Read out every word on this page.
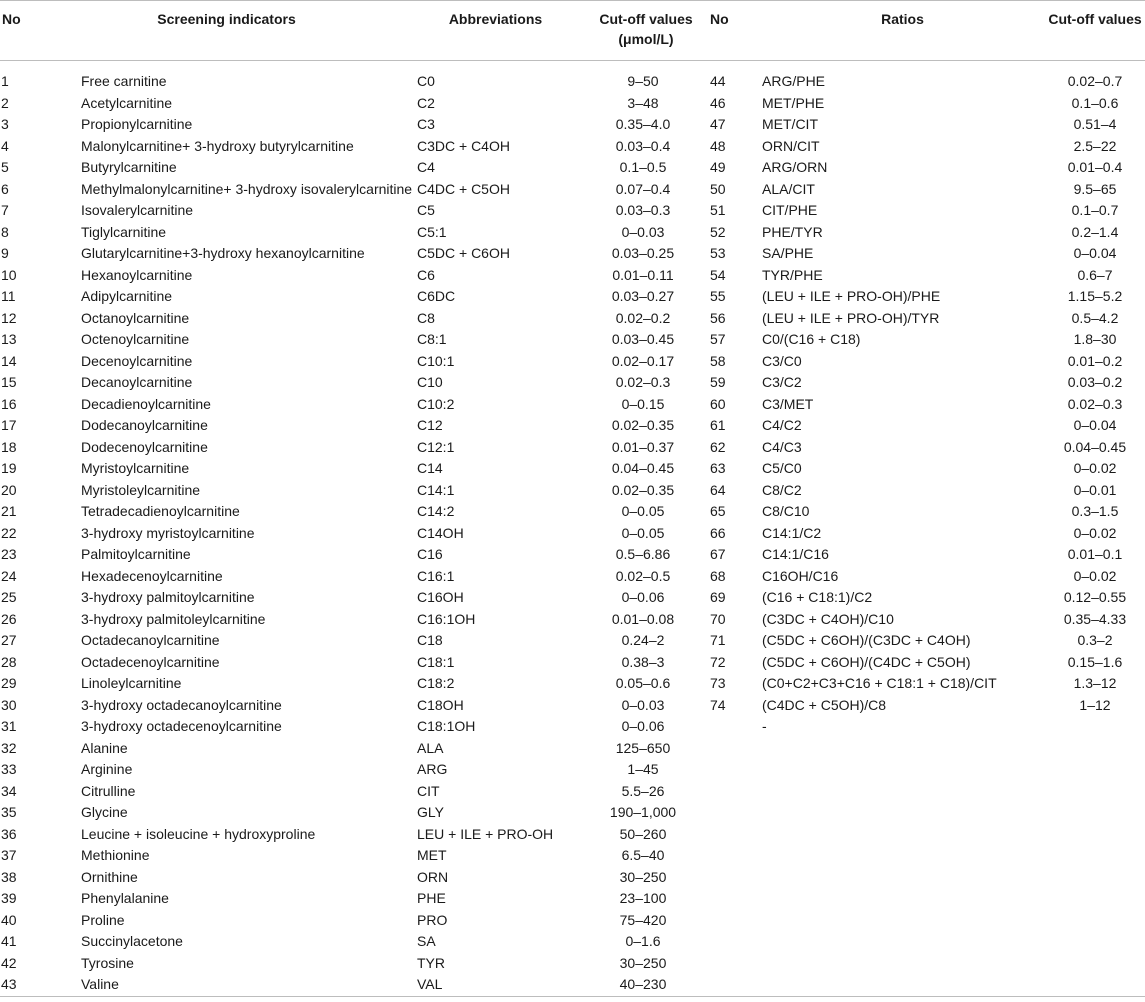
No	Screening indicators	Abbreviations	Cut-off values (μmol/L)	No	Ratios	Cut-off values
1	Free carnitine	C0	9–50	44	ARG/PHE	0.02–0.7
2	Acetylcarnitine	C2	3–48	46	MET/PHE	0.1–0.6
3	Propionylcarnitine	C3	0.35–4.0	47	MET/CIT	0.51–4
4	Malonylcarnitine+ 3-hydroxy butyrylcarnitine	C3DC + C4OH	0.03–0.4	48	ORN/CIT	2.5–22
5	Butyrylcarnitine	C4	0.1–0.5	49	ARG/ORN	0.01–0.4
6	Methylmalonylcarnitine+ 3-hydroxy isovalerylcarnitine	C4DC + C5OH	0.07–0.4	50	ALA/CIT	9.5–65
7	Isovalerylcarnitine	C5	0.03–0.3	51	CIT/PHE	0.1–0.7
8	Tiglylcarnitine	C5:1	0–0.03	52	PHE/TYR	0.2–1.4
9	Glutarylcarnitine+3-hydroxy hexanoylcarnitine	C5DC + C6OH	0.03–0.25	53	SA/PHE	0–0.04
10	Hexanoylcarnitine	C6	0.01–0.11	54	TYR/PHE	0.6–7
11	Adipylcarnitine	C6DC	0.03–0.27	55	(LEU + ILE + PRO-OH)/PHE	1.15–5.2
12	Octanoylcarnitine	C8	0.02–0.2	56	(LEU + ILE + PRO-OH)/TYR	0.5–4.2
13	Octenoylcarnitine	C8:1	0.03–0.45	57	C0/(C16 + C18)	1.8–30
14	Decenoylcarnitine	C10:1	0.02–0.17	58	C3/C0	0.01–0.2
15	Decanoylcarnitine	C10	0.02–0.3	59	C3/C2	0.03–0.2
16	Decadienoylcarnitine	C10:2	0–0.15	60	C3/MET	0.02–0.3
17	Dodecanoylcarnitine	C12	0.02–0.35	61	C4/C2	0–0.04
18	Dodecenoylcarnitine	C12:1	0.01–0.37	62	C4/C3	0.04–0.45
19	Myristoylcarnitine	C14	0.04–0.45	63	C5/C0	0–0.02
20	Myristoleylcarnitine	C14:1	0.02–0.35	64	C8/C2	0–0.01
21	Tetradecadienoylcarnitine	C14:2	0–0.05	65	C8/C10	0.3–1.5
22	3-hydroxy myristoylcarnitine	C14OH	0–0.05	66	C14:1/C2	0–0.02
23	Palmitoylcarnitine	C16	0.5–6.86	67	C14:1/C16	0.01–0.1
24	Hexadecenoylcarnitine	C16:1	0.02–0.5	68	C16OH/C16	0–0.02
25	3-hydroxy palmitoylcarnitine	C16OH	0–0.06	69	(C16 + C18:1)/C2	0.12–0.55
26	3-hydroxy palmitoleylcarnitine	C16:1OH	0.01–0.08	70	(C3DC + C4OH)/C10	0.35–4.33
27	Octadecanoylcarnitine	C18	0.24–2	71	(C5DC + C6OH)/(C3DC + C4OH)	0.3–2
28	Octadecenoylcarnitine	C18:1	0.38–3	72	(C5DC + C6OH)/(C4DC + C5OH)	0.15–1.6
29	Linoleylcarnitine	C18:2	0.05–0.6	73	(C0+C2+C3+C16 + C18:1 + C18)/CIT	1.3–12
30	3-hydroxy octadecanoylcarnitine	C18OH	0–0.03	74	(C4DC + C5OH)/C8	1–12
31	3-hydroxy octadecenoylcarnitine	C18:1OH	0–0.06		-	
32	Alanine	ALA	125–650			
33	Arginine	ARG	1–45			
34	Citrulline	CIT	5.5–26			
35	Glycine	GLY	190–1,000			
36	Leucine + isoleucine + hydroxyproline	LEU + ILE + PRO-OH	50–260			
37	Methionine	MET	6.5–40			
38	Ornithine	ORN	30–250			
39	Phenylalanine	PHE	23–100			
40	Proline	PRO	75–420			
41	Succinylacetone	SA	0–1.6			
42	Tyrosine	TYR	30–250			
43	Valine	VAL	40–230			
